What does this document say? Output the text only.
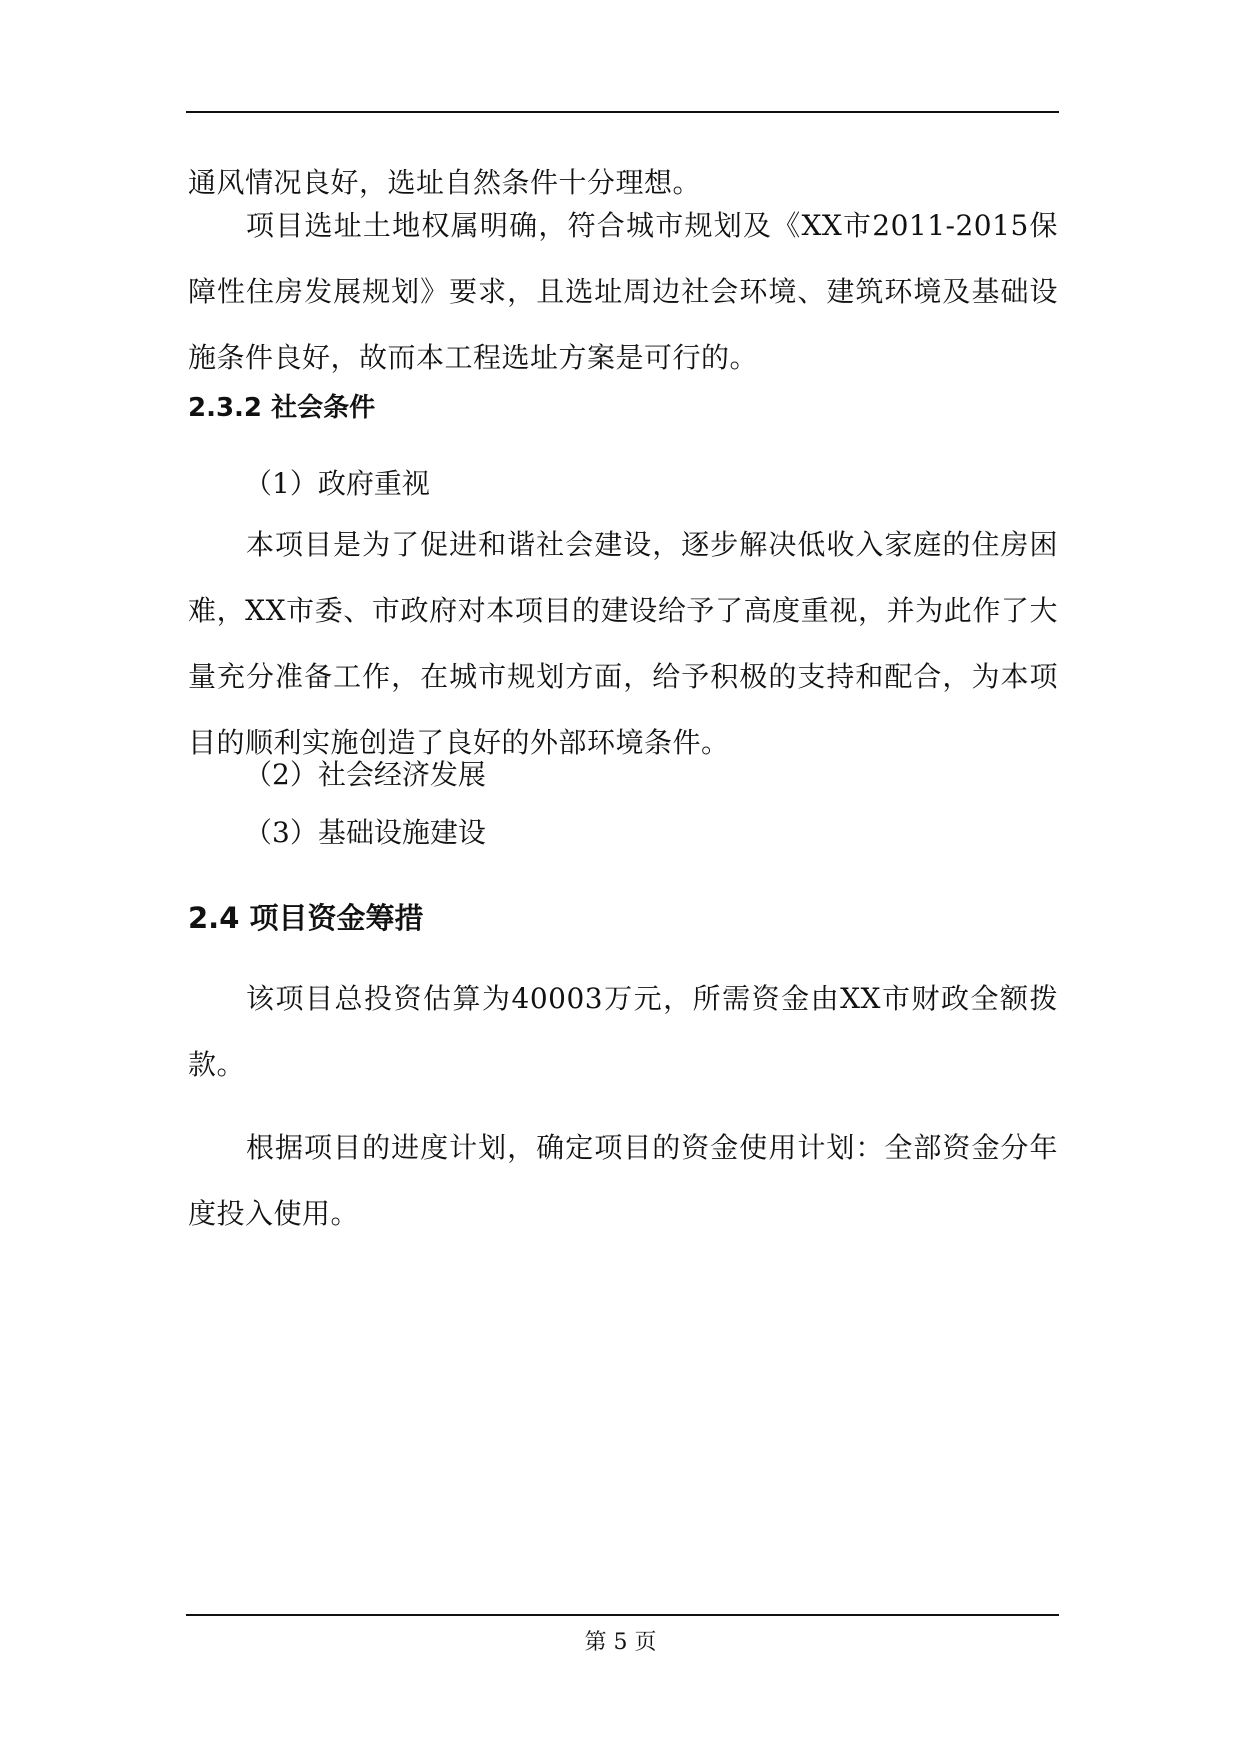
通风情况良好，选址自然条件十分理想。

项目选址土地权属明确，符合城市规划及《XX市2011-2015保障性住房发展规划》要求，且选址周边社会环境、建筑环境及基础设施条件良好，故而本工程选址方案是可行的。

2.3.2 社会条件

（1）政府重视

本项目是为了促进和谐社会建设，逐步解决低收入家庭的住房困难，XX市委、市政府对本项目的建设给予了高度重视，并为此作了大量充分准备工作，在城市规划方面，给予积极的支持和配合，为本项目的顺利实施创造了良好的外部环境条件。

（2）社会经济发展

（3）基础设施建设

2.4 项目资金筹措

该项目总投资估算为40003万元，所需资金由XX市财政全额拨款。

根据项目的进度计划，确定项目的资金使用计划：全部资金分年度投入使用。

第 5 页
